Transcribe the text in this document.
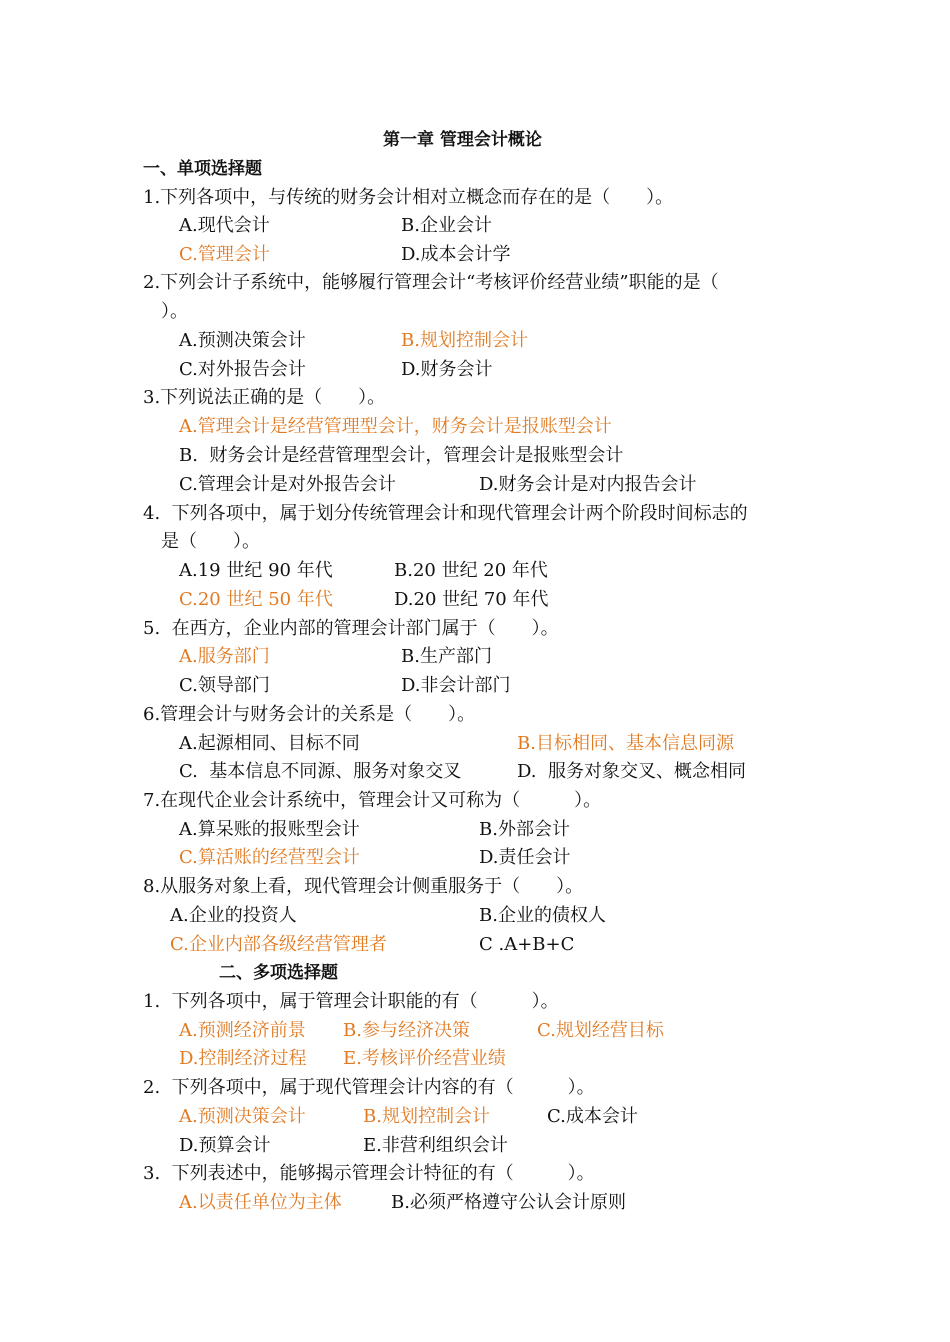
第一章 管理会计概论
一、单项选择题
1.下列各项中，与传统的财务会计相对立概念而存在的是（　　）。
A.现代会计	B.企业会计
C.管理会计	D.成本会计学
2.下列会计子系统中，能够履行管理会计“考核评价经营业绩”职能的是（
）。
A.预测决策会计	B.规划控制会计
C.对外报告会计	D.财务会计
3.下列说法正确的是（　　）。
A.管理会计是经营管理型会计，财务会计是报账型会计
B.  财务会计是经营管理型会计，管理会计是报账型会计
C.管理会计是对外报告会计	D.财务会计是对内报告会计
4.  下列各项中，属于划分传统管理会计和现代管理会计两个阶段时间标志的
是（　　）。
A.19 世纪 90 年代	B.20 世纪 20 年代
C.20 世纪 50 年代	D.20 世纪 70 年代
5.  在西方，企业内部的管理会计部门属于（　　）。
A.服务部门	B.生产部门
C.领导部门	D.非会计部门
6.管理会计与财务会计的关系是（　　）。
A.起源相同、目标不同	B.目标相同、基本信息同源
C.  基本信息不同源、服务对象交叉	D.  服务对象交叉、概念相同
7.在现代企业会计系统中，管理会计又可称为（　　　）。
A.算呆账的报账型会计	B.外部会计
C.算活账的经营型会计	D.责任会计
8.从服务对象上看，现代管理会计侧重服务于（　　）。
A.企业的投资人	B.企业的债权人
C.企业内部各级经营管理者	C .A+B+C
二、多项选择题
1.  下列各项中，属于管理会计职能的有（　　　）。
A.预测经济前景 B.参与经济决策	C.规划经营目标
D.控制经济过程 E.考核评价经营业绩
2.  下列各项中，属于现代管理会计内容的有（　　　）。
A.预测决策会计	B.规划控制会计	C.成本会计
D.预算会计	E.非营利组织会计
3.  下列表述中，能够揭示管理会计特征的有（　　　）。
A.以责任单位为主体	B.必须严格遵守公认会计原则
